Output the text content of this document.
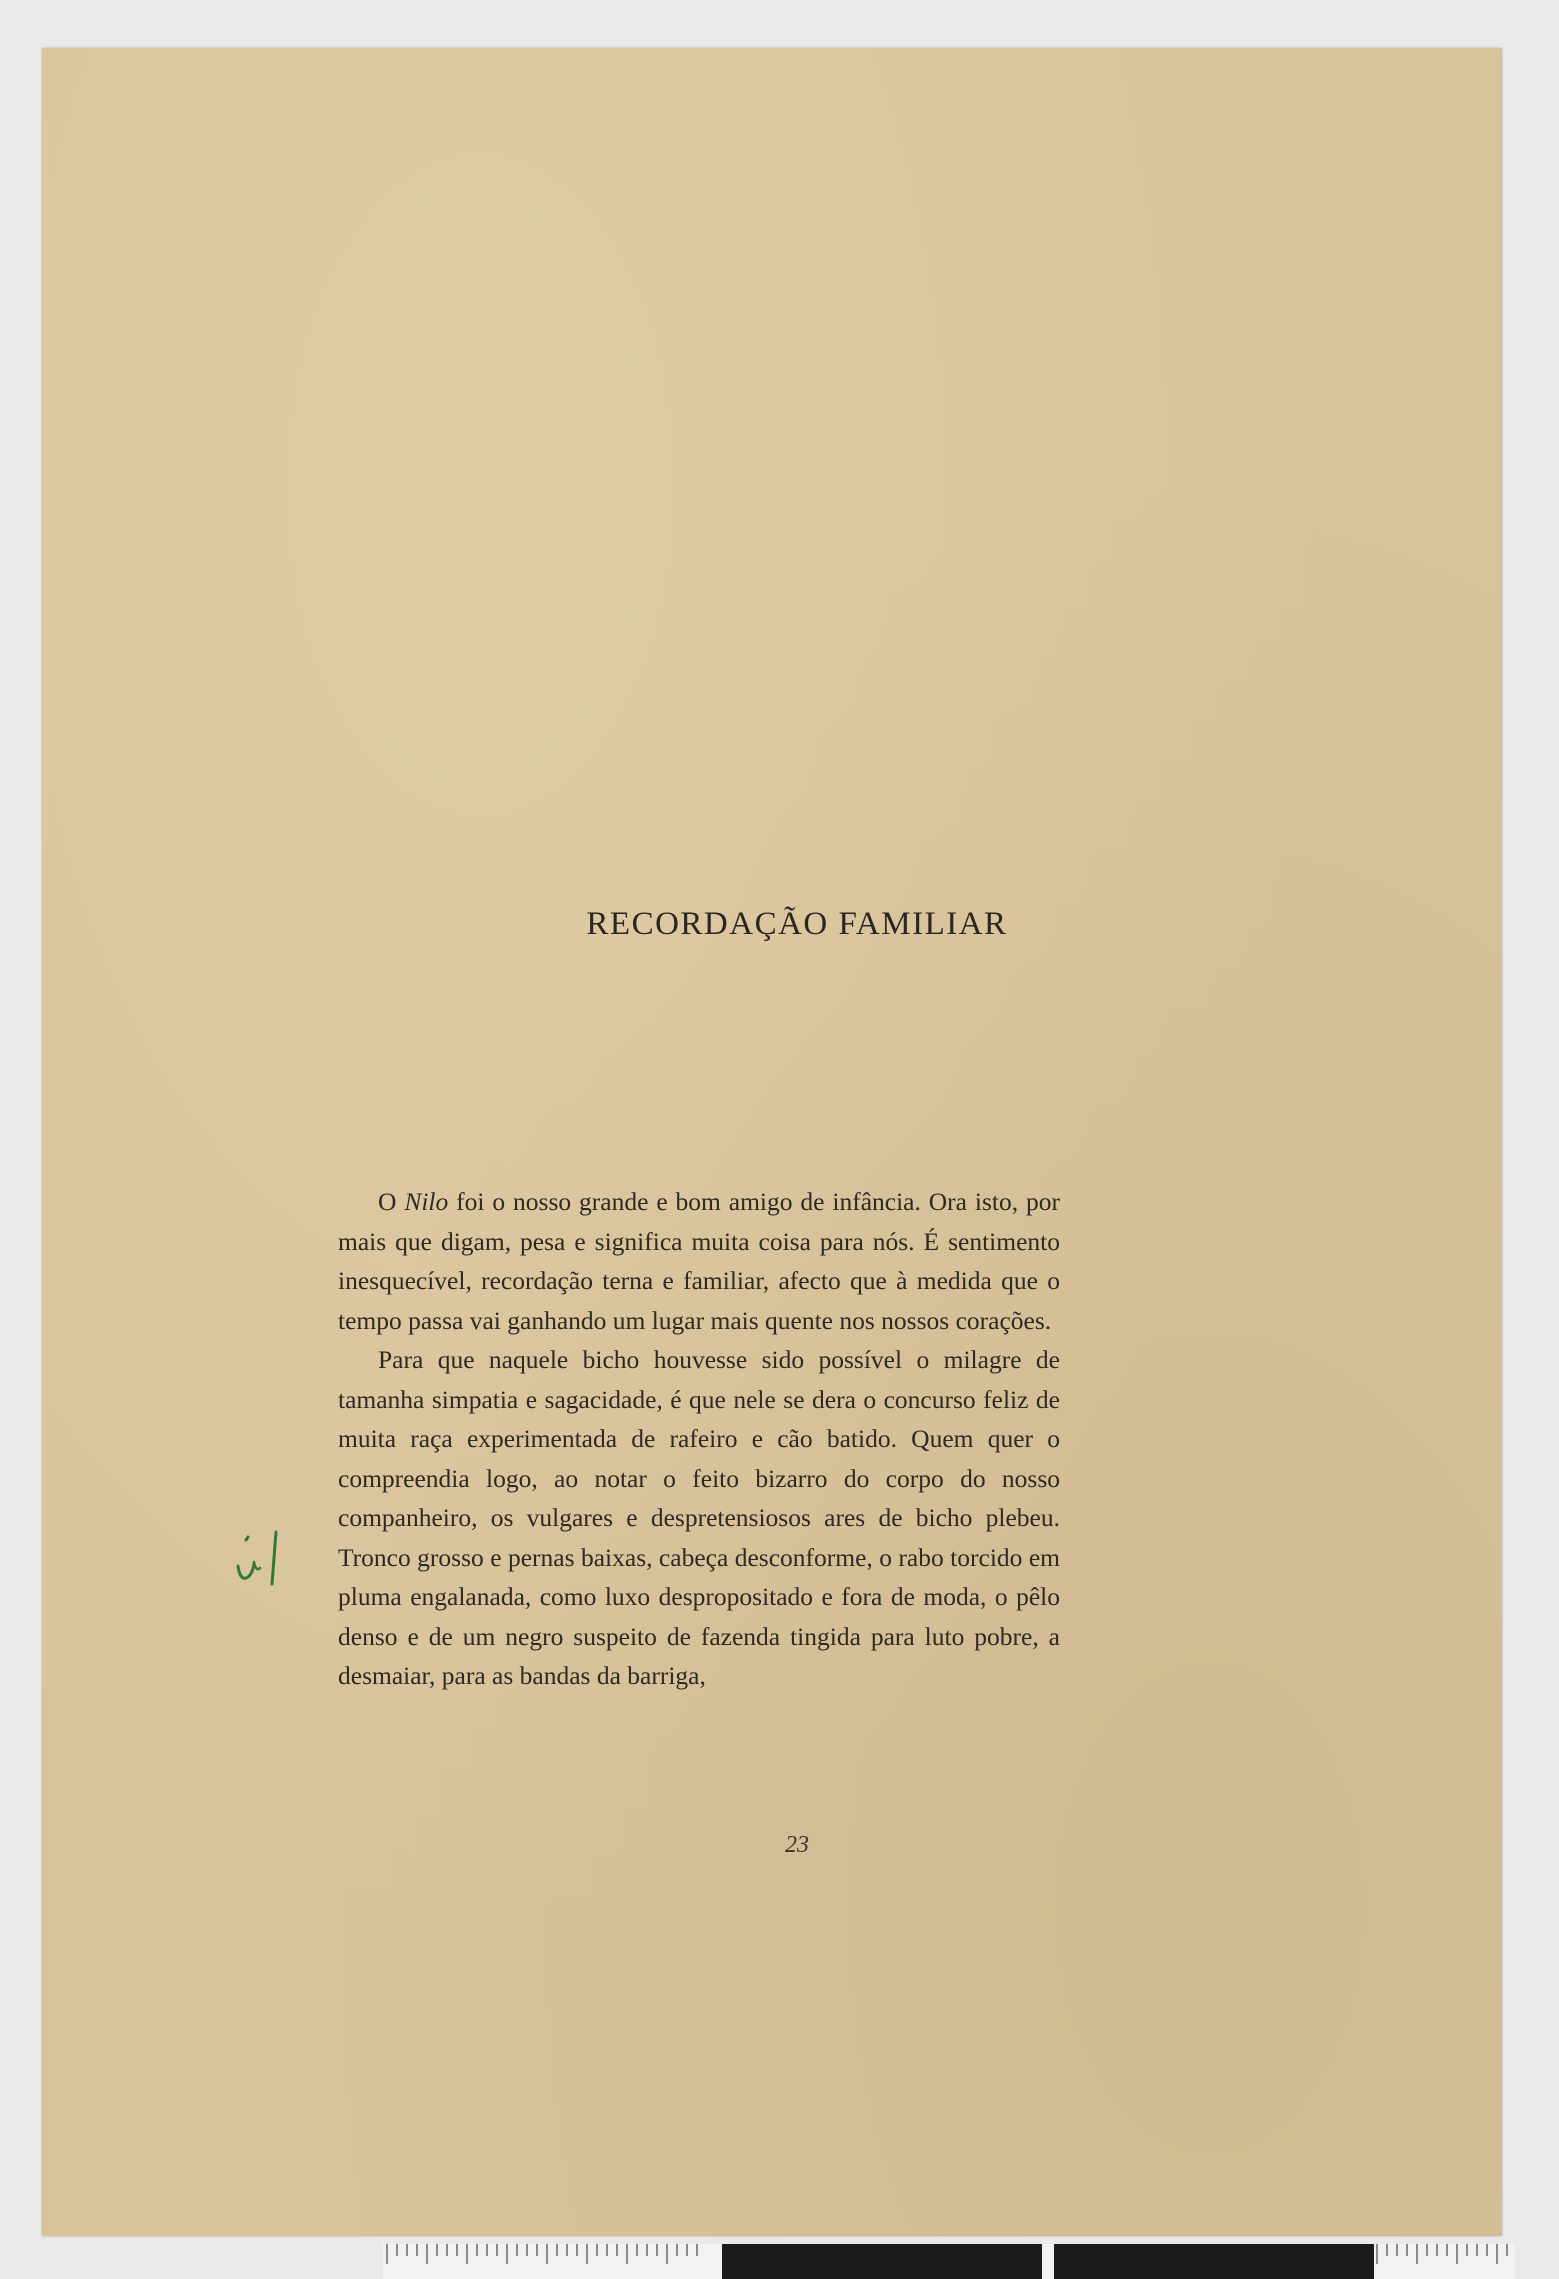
RECORDAÇÃO FAMILIAR

O Nilo foi o nosso grande e bom amigo de infância. Ora isto, por mais que digam, pesa e significa muita coisa para nós. É sentimento inesquecível, recordação terna e familiar, afecto que à medida que o tempo passa vai ganhando um lugar mais quente nos nossos corações.

Para que naquele bicho houvesse sido possível o milagre de tamanha simpatia e sagacidade, é que nele se dera o concurso feliz de muita raça experimentada de rafeiro e cão batido. Quem quer o compreendia logo, ao notar o feito bizarro do corpo do nosso companheiro, os vulgares e despretensiosos ares de bicho plebeu. Tronco grosso e pernas baixas, cabeça desconforme, o rabo torcido em pluma engalanada, como luxo despropositado e fora de moda, o pêlo denso e de um negro suspeito de fazenda tingida para luto pobre, a desmaiar, para as bandas da barriga,

23
